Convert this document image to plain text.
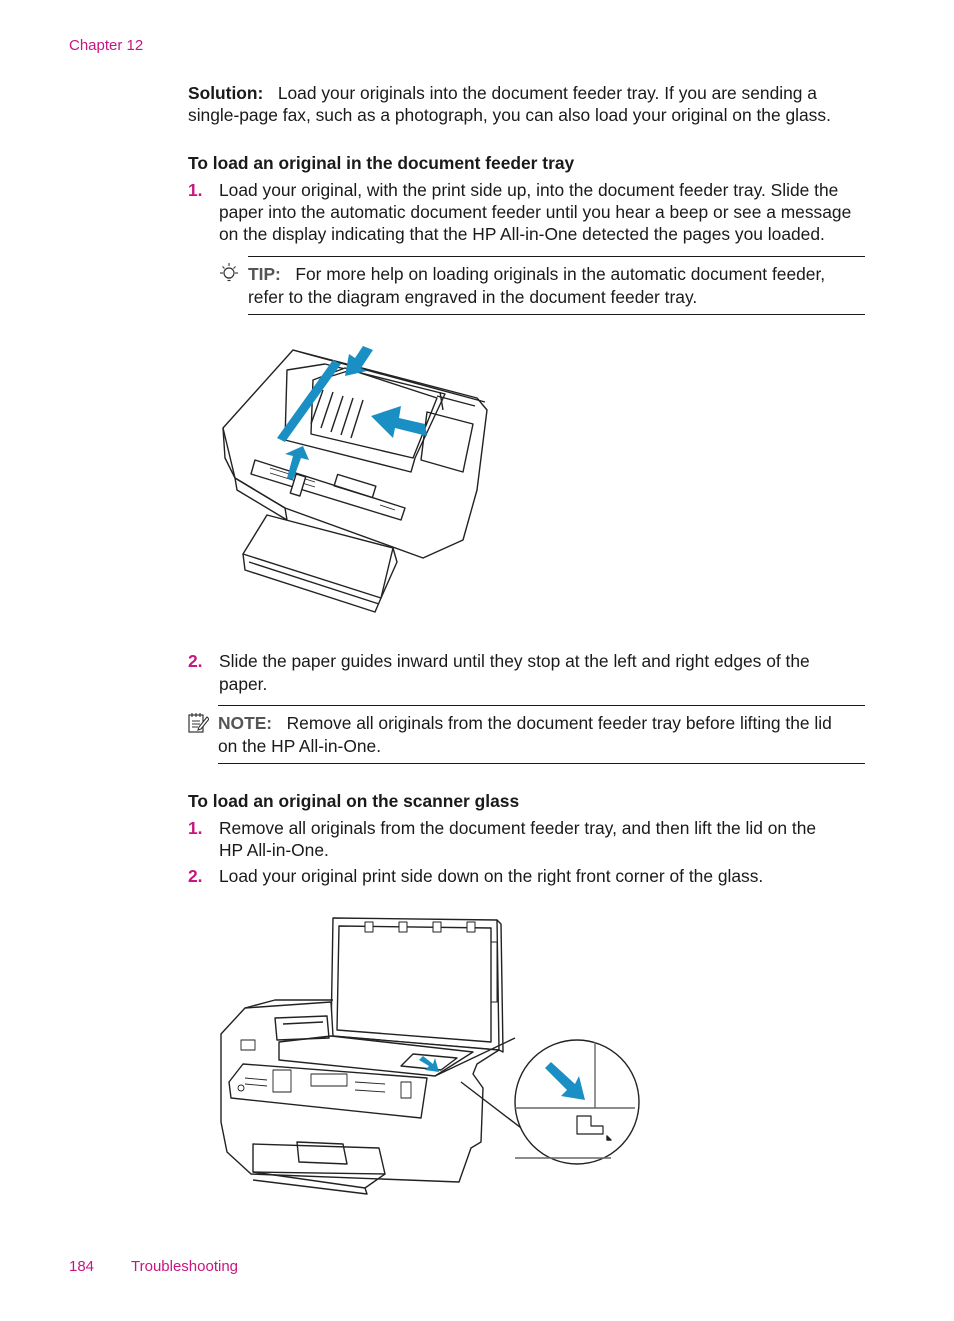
Chapter 12
Solution: Load your originals into the document feeder tray. If you are sending a
single-page fax, such as a photograph, you can also load your original on the glass.
To load an original in the document feeder tray
1. Load your original, with the print side up, into the document feeder tray. Slide the
paper into the automatic document feeder until you hear a beep or see a message
on the display indicating that the HP All-in-One detected the pages you loaded.
TIP: For more help on loading originals in the automatic document feeder,
refer to the diagram engraved in the document feeder tray.
2. Slide the paper guides inward until they stop at the left and right edges of the
paper.
NOTE: Remove all originals from the document feeder tray before lifting the lid
on the HP All-in-One.
To load an original on the scanner glass
1. Remove all originals from the document feeder tray, and then lift the lid on the
HP All-in-One.
2. Load your original print side down on the right front corner of the glass.
184 Troubleshooting
